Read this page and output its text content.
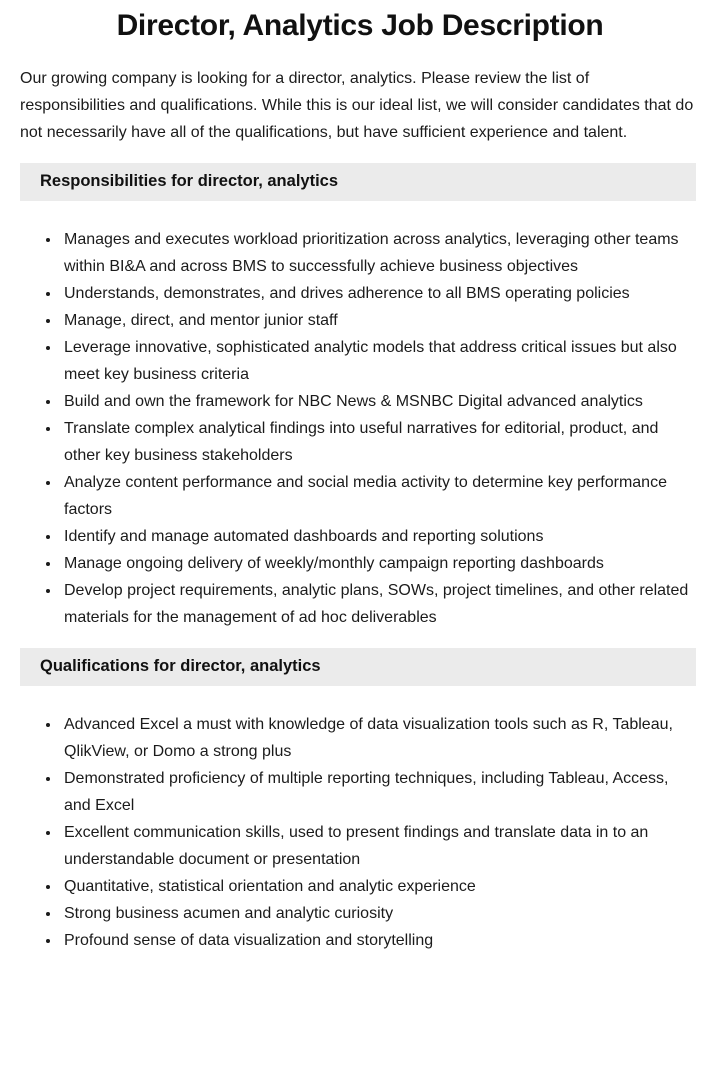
Director, Analytics Job Description

Our growing company is looking for a director, analytics. Please review the list of responsibilities and qualifications. While this is our ideal list, we will consider candidates that do not necessarily have all of the qualifications, but have sufficient experience and talent.

Responsibilities for director, analytics
• Manages and executes workload prioritization across analytics, leveraging other teams within BI&A and across BMS to successfully achieve business objectives
• Understands, demonstrates, and drives adherence to all BMS operating policies
• Manage, direct, and mentor junior staff
• Leverage innovative, sophisticated analytic models that address critical issues but also meet key business criteria
• Build and own the framework for NBC News & MSNBC Digital advanced analytics
• Translate complex analytical findings into useful narratives for editorial, product, and other key business stakeholders
• Analyze content performance and social media activity to determine key performance factors
• Identify and manage automated dashboards and reporting solutions
• Manage ongoing delivery of weekly/monthly campaign reporting dashboards
• Develop project requirements, analytic plans, SOWs, project timelines, and other related materials for the management of ad hoc deliverables
Qualifications for director, analytics
• Advanced Excel a must with knowledge of data visualization tools such as R, Tableau, QlikView, or Domo a strong plus
• Demonstrated proficiency of multiple reporting techniques, including Tableau, Access, and Excel
• Excellent communication skills, used to present findings and translate data in to an understandable document or presentation
• Quantitative, statistical orientation and analytic experience
• Strong business acumen and analytic curiosity
• Profound sense of data visualization and storytelling
